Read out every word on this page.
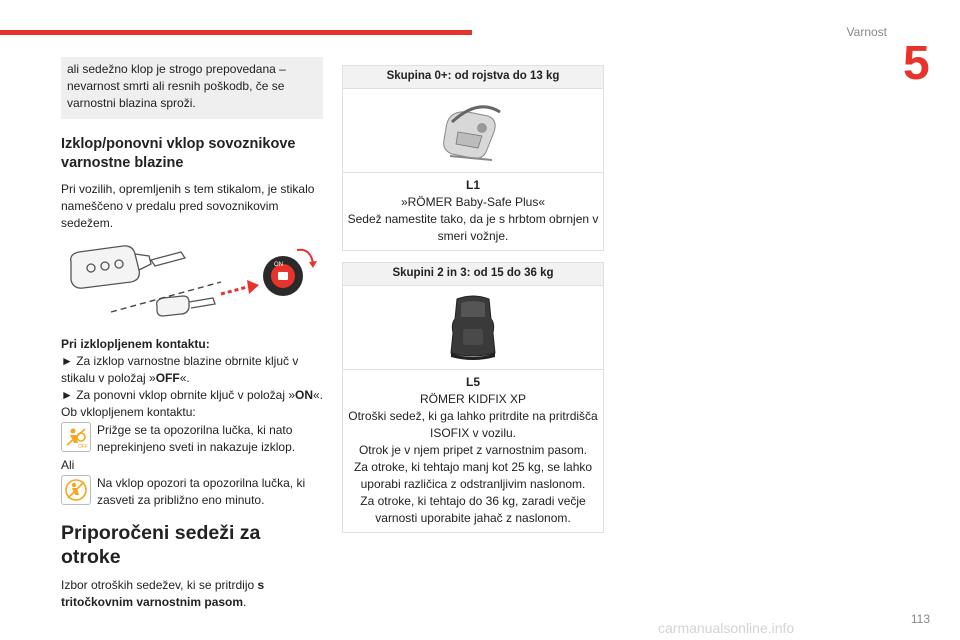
Varnost
5
ali sedežno klop je strogo prepovedana – nevarnost smrti ali resnih poškodb, če se varnostni blazina sproži.
Izklop/ponovni vklop sovoznikove varnostne blazine

Pri vozilih, opremljenih s tem stikalom, je stikalo nameščeno v predalu pred sovoznikovim sedežem.

ON

Pri izklopljenem kontaktu:

► Za izklop varnostne blazine obrnite ključ v stikalu v položaj »OFF«.

► Za ponovni vklop obrnite ključ v položaj »ON«.

Ob vklopljenem kontaktu:

OFF

Prižge se ta opozorilna lučka, ki nato neprekinjeno sveti in nakazuje izklop.

Ali

Na vklop opozori ta opozorilna lučka, ki zasveti za približno eno minuto.

Priporočeni sedeži za otroke

Izbor otroških sedežev, ki se pritrdijo s tritočkovnim varnostnim pasom.

Skupina 0+: od rojstva do 13 kg
L1
»RÖMER Baby-Safe Plus«
Sedež namestite tako, da je s hrbtom obrnjen v smeri vožnje.
Skupini 2 in 3: od 15 do 36 kg
L5
RÖMER KIDFIX XP
Otroški sedež, ki ga lahko pritrdite na pritrdišča ISOFIX v vozilu.
Otrok je v njem pripet z varnostnim pasom.
Za otroke, ki tehtajo manj kot 25 kg, se lahko uporabi različica z odstranljivim naslonom.
Za otroke, ki tehtajo do 36 kg, zaradi večje varnosti uporabite jahač z naslonom.
113
carmanualsonline.info
